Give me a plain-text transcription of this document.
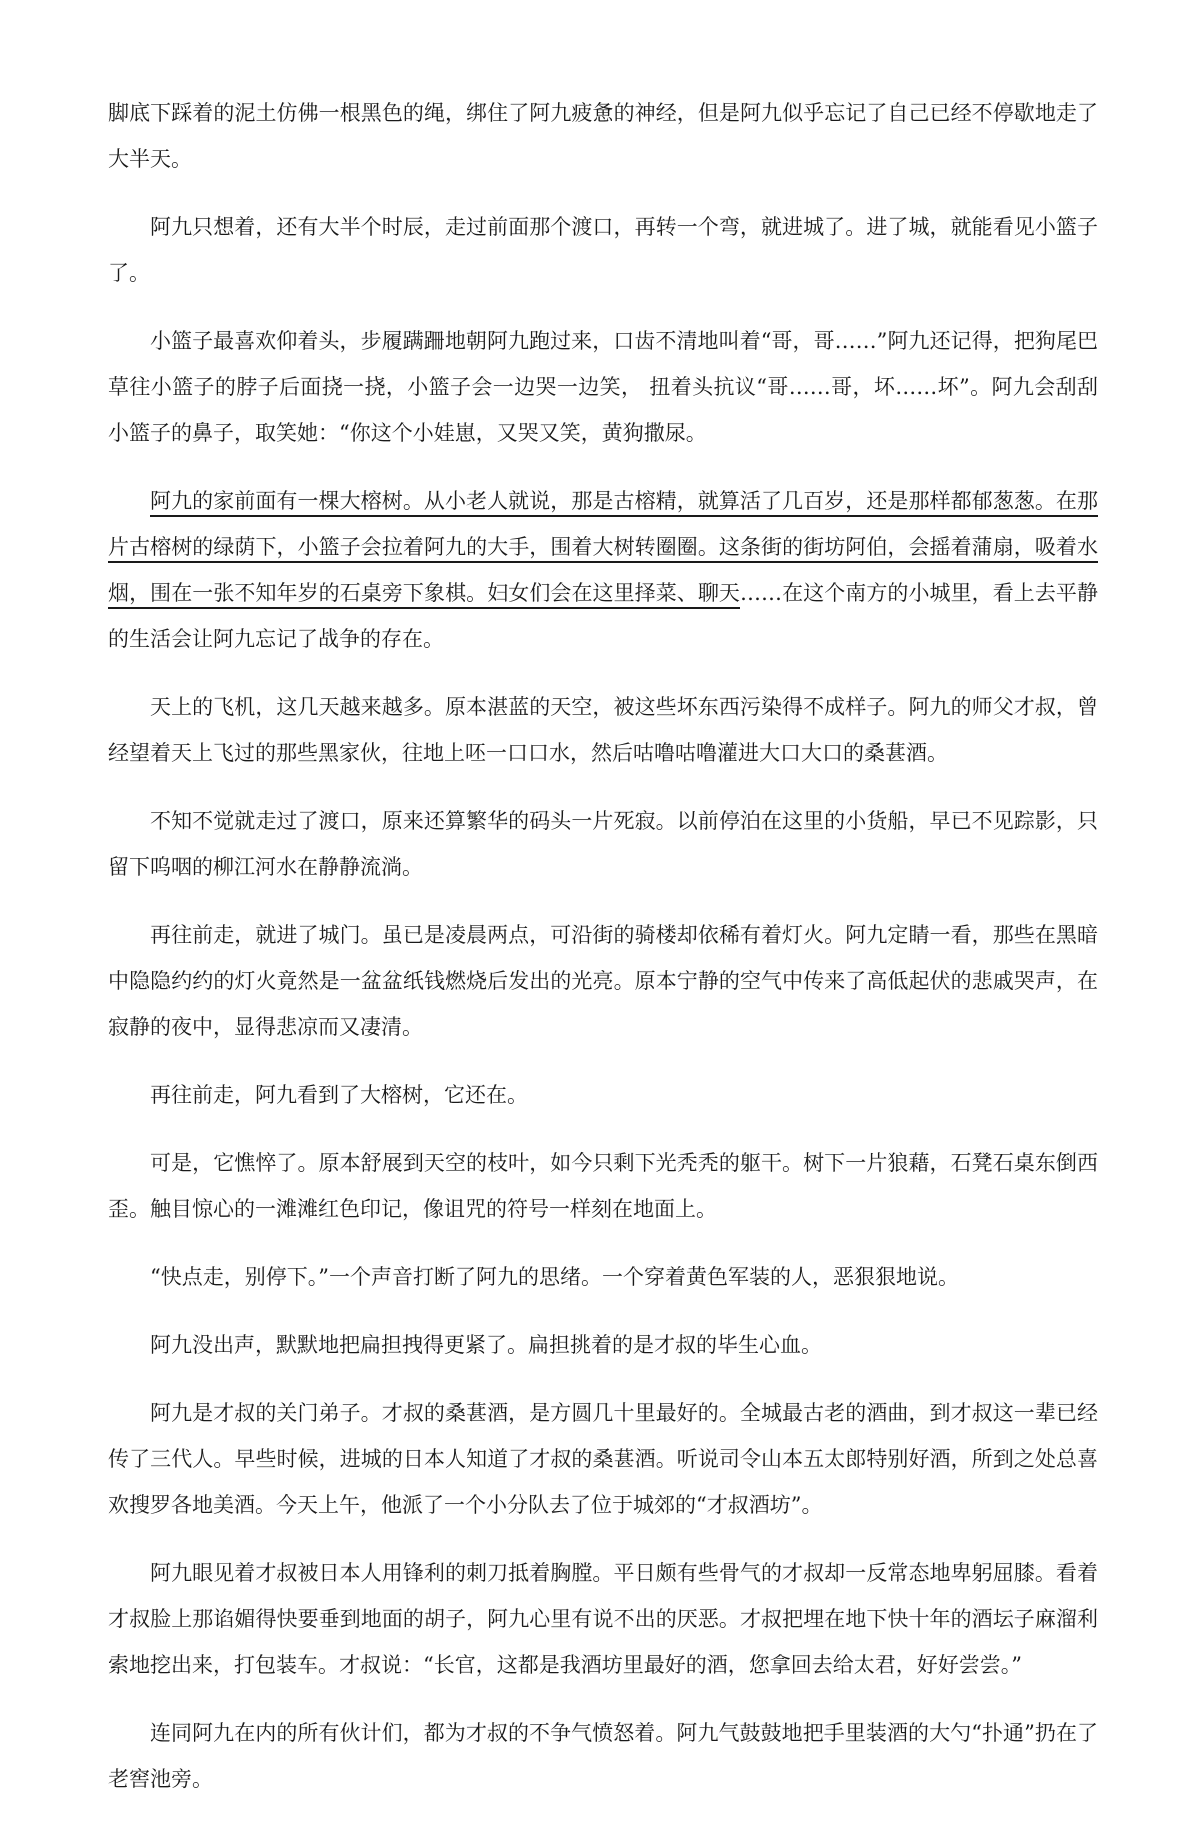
脚底下踩着的泥土仿佛一根黑色的绳，绑住了阿九疲惫的神经，但是阿九似乎忘记了自己已经不停歇地走了大半天。

阿九只想着，还有大半个时辰，走过前面那个渡口，再转一个弯，就进城了。进了城，就能看见小篮子了。

小篮子最喜欢仰着头，步履蹒跚地朝阿九跑过来，口齿不清地叫着“哥，哥……”阿九还记得，把狗尾巴草往小篮子的脖子后面挠一挠，小篮子会一边哭一边笑， 扭着头抗议“哥……哥，坏……坏”。阿九会刮刮小篮子的鼻子，取笑她：“你这个小娃崽，又哭又笑，黄狗撒尿。

阿九的家前面有一棵大榕树。从小老人就说，那是古榕精，就算活了几百岁，还是那样都郁葱葱。在那片古榕树的绿荫下，小篮子会拉着阿九的大手，围着大树转圈圈。这条街的街坊阿伯，会摇着蒲扇，吸着水烟，围在一张不知年岁的石桌旁下象棋。妇女们会在这里择菜、聊天……在这个南方的小城里，看上去平静的生活会让阿九忘记了战争的存在。

天上的飞机，这几天越来越多。原本湛蓝的天空，被这些坏东西污染得不成样子。阿九的师父才叔，曾经望着天上飞过的那些黑家伙，往地上呸一口口水，然后咕噜咕噜灌进大口大口的桑葚酒。

不知不觉就走过了渡口，原来还算繁华的码头一片死寂。以前停泊在这里的小货船，早已不见踪影，只留下呜咽的柳江河水在静静流淌。

再往前走，就进了城门。虽已是凌晨两点，可沿街的骑楼却依稀有着灯火。阿九定睛一看，那些在黑暗中隐隐约约的灯火竟然是一盆盆纸钱燃烧后发出的光亮。原本宁静的空气中传来了高低起伏的悲戚哭声，在寂静的夜中，显得悲凉而又凄清。

再往前走，阿九看到了大榕树，它还在。

可是，它憔悴了。原本舒展到天空的枝叶，如今只剩下光秃秃的躯干。树下一片狼藉，石凳石桌东倒西歪。触目惊心的一滩滩红色印记，像诅咒的符号一样刻在地面上。

“快点走，别停下。”一个声音打断了阿九的思绪。一个穿着黄色军装的人，恶狠狠地说。

阿九没出声，默默地把扁担拽得更紧了。扁担挑着的是才叔的毕生心血。

阿九是才叔的关门弟子。才叔的桑葚酒，是方圆几十里最好的。全城最古老的酒曲，到才叔这一辈已经传了三代人。早些时候，进城的日本人知道了才叔的桑葚酒。听说司令山本五太郎特别好酒，所到之处总喜欢搜罗各地美酒。今天上午，他派了一个小分队去了位于城郊的“才叔酒坊”。

阿九眼见着才叔被日本人用锋利的刺刀抵着胸膛。平日颇有些骨气的才叔却一反常态地卑躬屈膝。看着才叔脸上那谄媚得快要垂到地面的胡子，阿九心里有说不出的厌恶。才叔把埋在地下快十年的酒坛子麻溜利索地挖出来，打包装车。才叔说：“长官，这都是我酒坊里最好的酒，您拿回去给太君，好好尝尝。”

连同阿九在内的所有伙计们，都为才叔的不争气愤怒着。阿九气鼓鼓地把手里装酒的大勺“扑通”扔在了老窖池旁。
